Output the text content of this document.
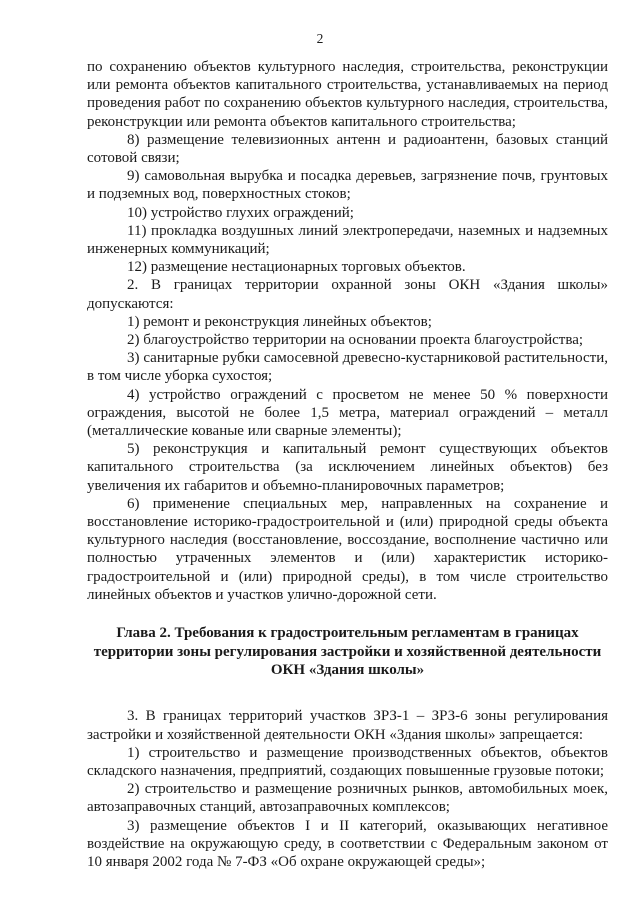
2

по сохранению объектов культурного наследия, строительства, реконструкции или ремонта объектов капитального строительства, устанавливаемых на период проведения работ по сохранению объектов культурного наследия, строительства, реконструкции или ремонта объектов капитального строительства;

8) размещение телевизионных антенн и радиоантенн, базовых станций сотовой связи;

9) самовольная вырубка и посадка деревьев, загрязнение почв, грунтовых и подземных вод, поверхностных стоков;

10) устройство глухих ограждений;

11) прокладка воздушных линий электропередачи, наземных и надземных инженерных коммуникаций;

12) размещение нестационарных торговых объектов.

2. В границах территории охранной зоны ОКН «Здания школы» допускаются:

1) ремонт и реконструкция линейных объектов;

2) благоустройство территории на основании проекта благоустройства;

3) санитарные рубки самосевной древесно-кустарниковой растительности, в том числе уборка сухостоя;

4) устройство ограждений с просветом не менее 50 % поверхности ограждения, высотой не более 1,5 метра, материал ограждений – металл (металлические кованые или сварные элементы);

5) реконструкция и капитальный ремонт существующих объектов капитального строительства (за исключением линейных объектов) без увеличения их габаритов и объемно-планировочных параметров;

6) применение специальных мер, направленных на сохранение и восстановление историко-градостроительной и (или) природной среды объекта культурного наследия (восстановление, воссоздание, восполнение частично или полностью утраченных элементов и (или) характеристик историко-градостроительной и (или) природной среды), в том числе строительство линейных объектов и участков улично-дорожной сети.

Глава 2. Требования к градостроительным регламентам в границах территории зоны регулирования застройки и хозяйственной деятельности ОКН «Здания школы»

3. В границах территорий участков ЗРЗ-1 – ЗРЗ-6 зоны регулирования застройки и хозяйственной деятельности ОКН «Здания школы» запрещается:

1) строительство и размещение производственных объектов, объектов складского назначения, предприятий, создающих повышенные грузовые потоки;

2) строительство и размещение розничных рынков, автомобильных моек, автозаправочных станций, автозаправочных комплексов;

3) размещение объектов I и II категорий, оказывающих негативное воздействие на окружающую среду, в соответствии с Федеральным законом от 10 января 2002 года № 7-ФЗ «Об охране окружающей среды»;
